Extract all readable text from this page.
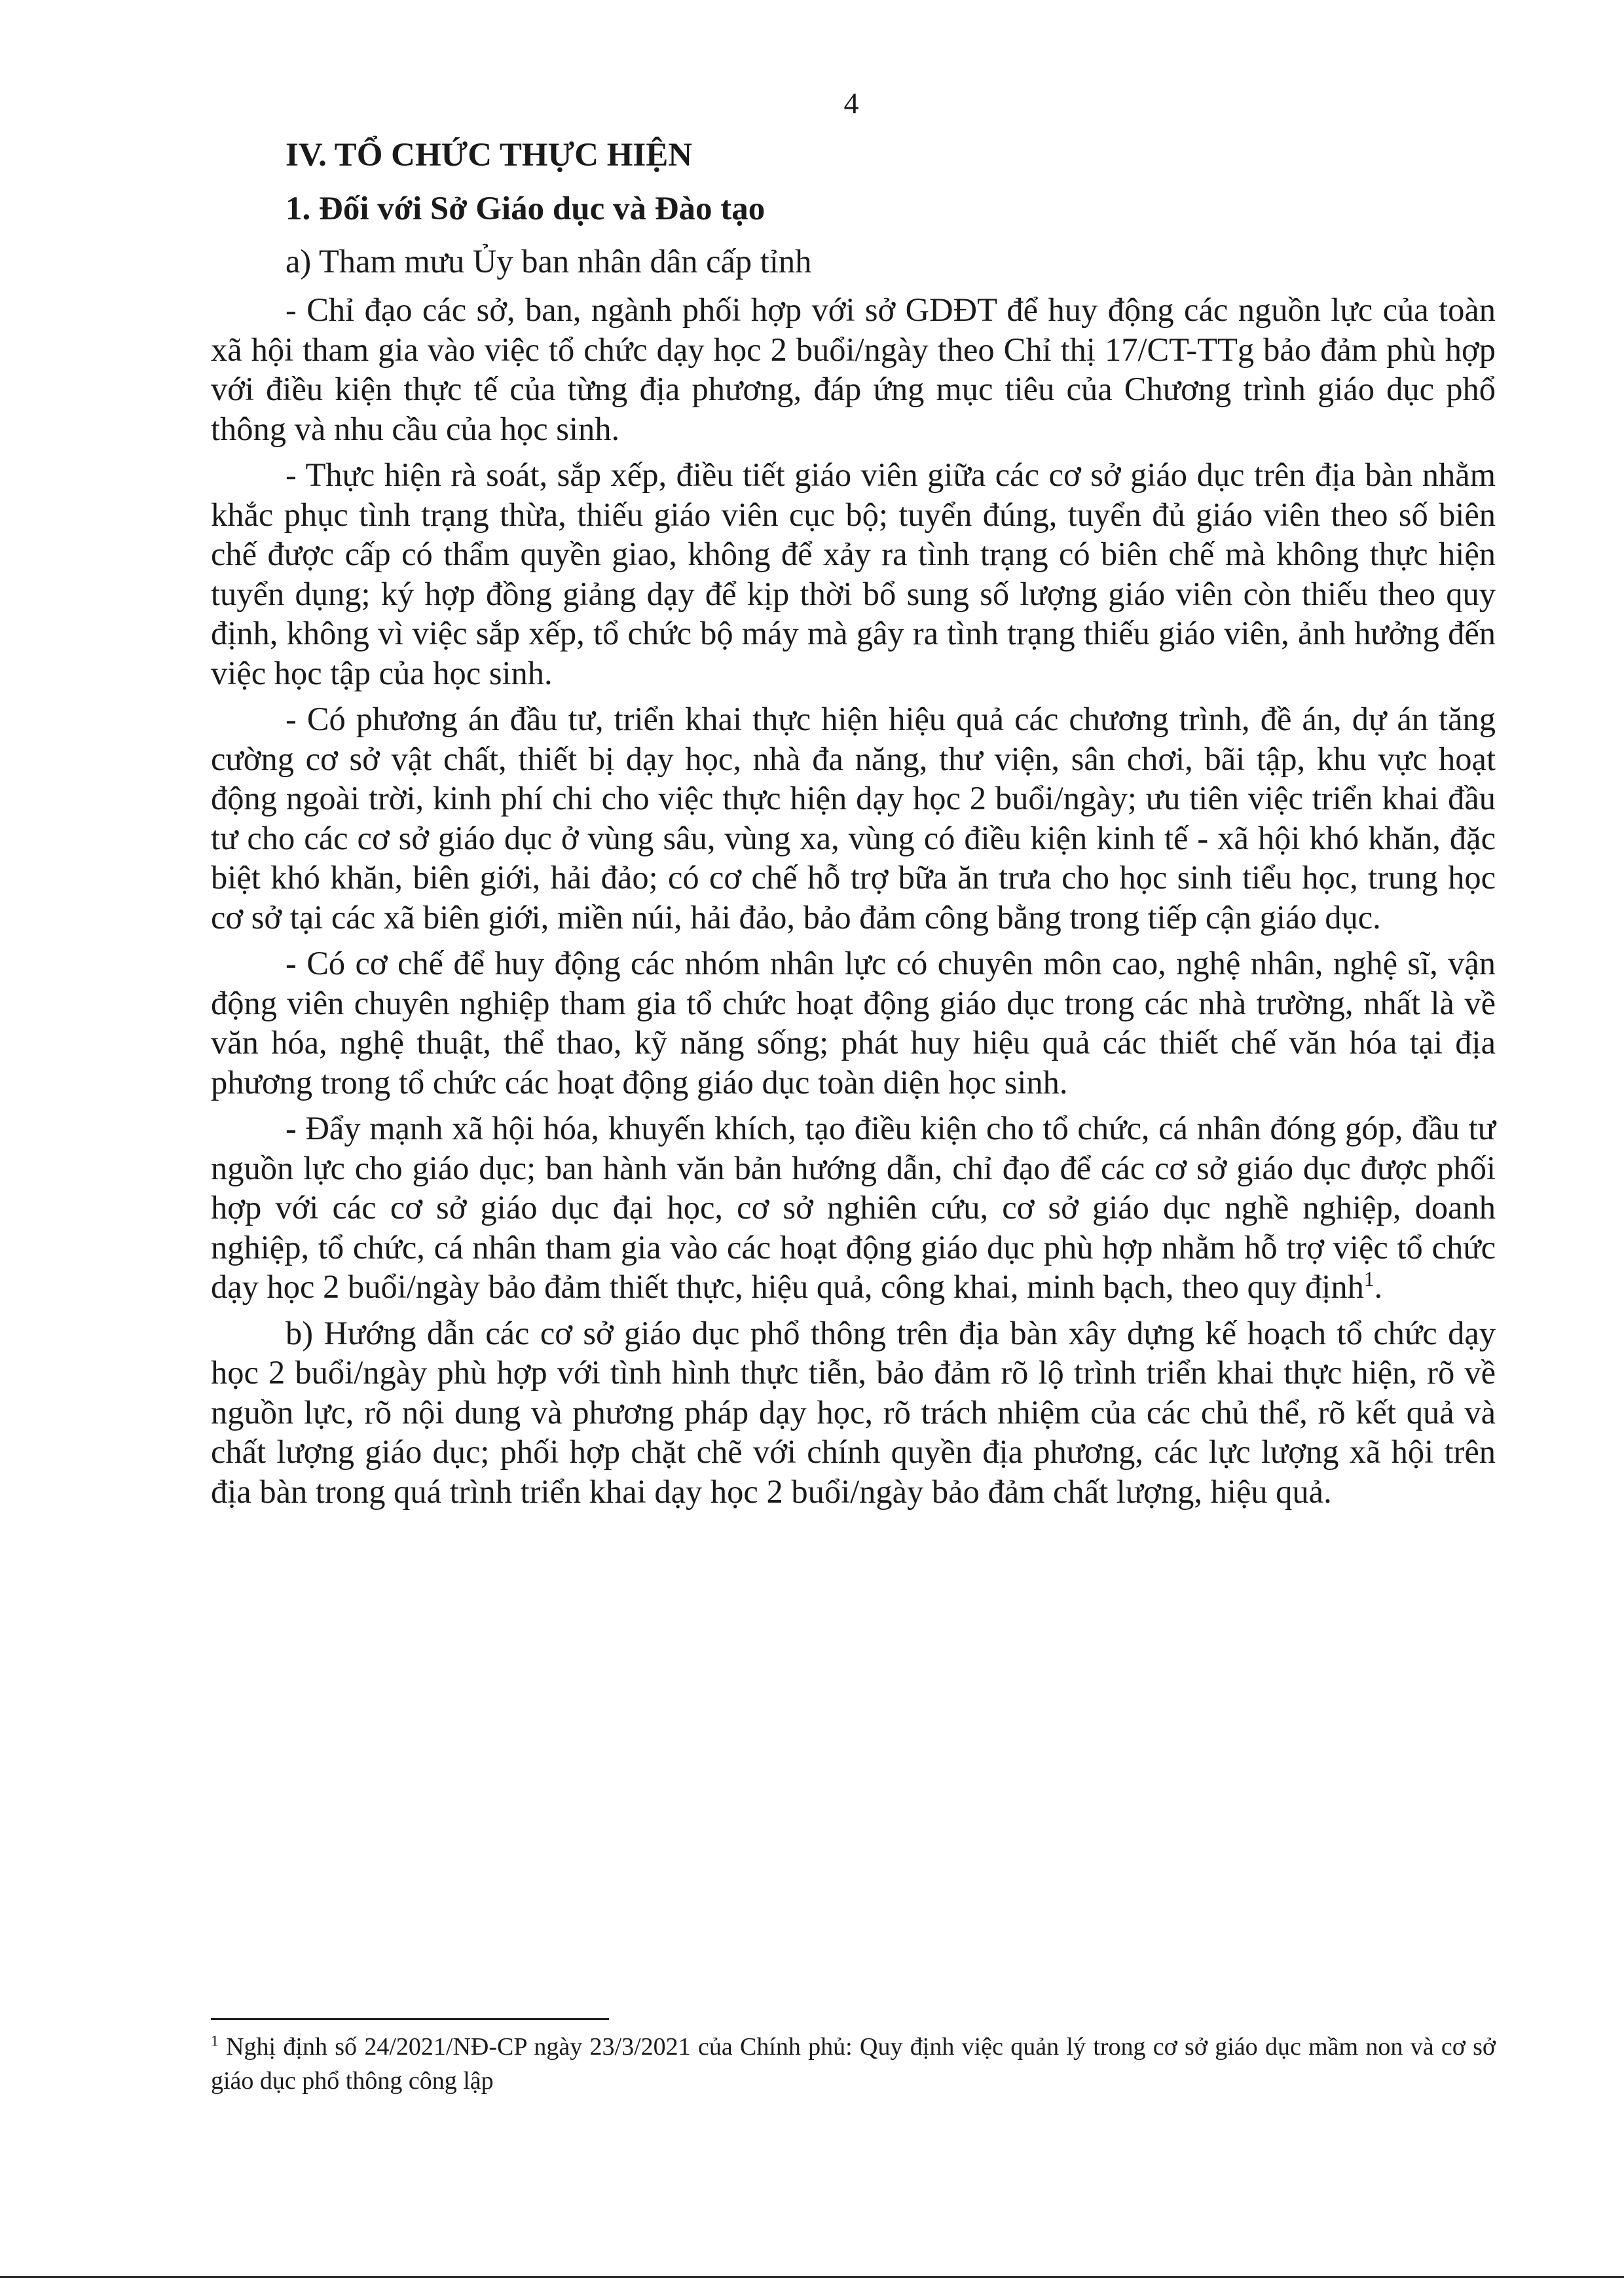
4

IV. TỔ CHỨC THỰC HIỆN

1. Đối với Sở Giáo dục và Đào tạo

a) Tham mưu Ủy ban nhân dân cấp tỉnh

- Chỉ đạo các sở, ban, ngành phối hợp với sở GDĐT để huy động các nguồn lực của toàn xã hội tham gia vào việc tổ chức dạy học 2 buổi/ngày theo Chỉ thị 17/CT-TTg bảo đảm phù hợp với điều kiện thực tế của từng địa phương, đáp ứng mục tiêu của Chương trình giáo dục phổ thông và nhu cầu của học sinh.

- Thực hiện rà soát, sắp xếp, điều tiết giáo viên giữa các cơ sở giáo dục trên địa bàn nhằm khắc phục tình trạng thừa, thiếu giáo viên cục bộ; tuyển đúng, tuyển đủ giáo viên theo số biên chế được cấp có thẩm quyền giao, không để xảy ra tình trạng có biên chế mà không thực hiện tuyển dụng; ký hợp đồng giảng dạy để kịp thời bổ sung số lượng giáo viên còn thiếu theo quy định, không vì việc sắp xếp, tổ chức bộ máy mà gây ra tình trạng thiếu giáo viên, ảnh hưởng đến việc học tập của học sinh.

- Có phương án đầu tư, triển khai thực hiện hiệu quả các chương trình, đề án, dự án tăng cường cơ sở vật chất, thiết bị dạy học, nhà đa năng, thư viện, sân chơi, bãi tập, khu vực hoạt động ngoài trời, kinh phí chi cho việc thực hiện dạy học 2 buổi/ngày; ưu tiên việc triển khai đầu tư cho các cơ sở giáo dục ở vùng sâu, vùng xa, vùng có điều kiện kinh tế - xã hội khó khăn, đặc biệt khó khăn, biên giới, hải đảo; có cơ chế hỗ trợ bữa ăn trưa cho học sinh tiểu học, trung học cơ sở tại các xã biên giới, miền núi, hải đảo, bảo đảm công bằng trong tiếp cận giáo dục.

- Có cơ chế để huy động các nhóm nhân lực có chuyên môn cao, nghệ nhân, nghệ sĩ, vận động viên chuyên nghiệp tham gia tổ chức hoạt động giáo dục trong các nhà trường, nhất là về văn hóa, nghệ thuật, thể thao, kỹ năng sống; phát huy hiệu quả các thiết chế văn hóa tại địa phương trong tổ chức các hoạt động giáo dục toàn diện học sinh.

- Đẩy mạnh xã hội hóa, khuyến khích, tạo điều kiện cho tổ chức, cá nhân đóng góp, đầu tư nguồn lực cho giáo dục; ban hành văn bản hướng dẫn, chỉ đạo để các cơ sở giáo dục được phối hợp với các cơ sở giáo dục đại học, cơ sở nghiên cứu, cơ sở giáo dục nghề nghiệp, doanh nghiệp, tổ chức, cá nhân tham gia vào các hoạt động giáo dục phù hợp nhằm hỗ trợ việc tổ chức dạy học 2 buổi/ngày bảo đảm thiết thực, hiệu quả, công khai, minh bạch, theo quy định$^1$.

b) Hướng dẫn các cơ sở giáo dục phổ thông trên địa bàn xây dựng kế hoạch tổ chức dạy học 2 buổi/ngày phù hợp với tình hình thực tiễn, bảo đảm rõ lộ trình triển khai thực hiện, rõ về nguồn lực, rõ nội dung và phương pháp dạy học, rõ trách nhiệm của các chủ thể, rõ kết quả và chất lượng giáo dục; phối hợp chặt chẽ với chính quyền địa phương, các lực lượng xã hội trên địa bàn trong quá trình triển khai dạy học 2 buổi/ngày bảo đảm chất lượng, hiệu quả.

$^1$ Nghị định số 24/2021/NĐ-CP ngày 23/3/2021 của Chính phủ: Quy định việc quản lý trong cơ sở giáo dục mầm non và cơ sở giáo dục phổ thông công lập
